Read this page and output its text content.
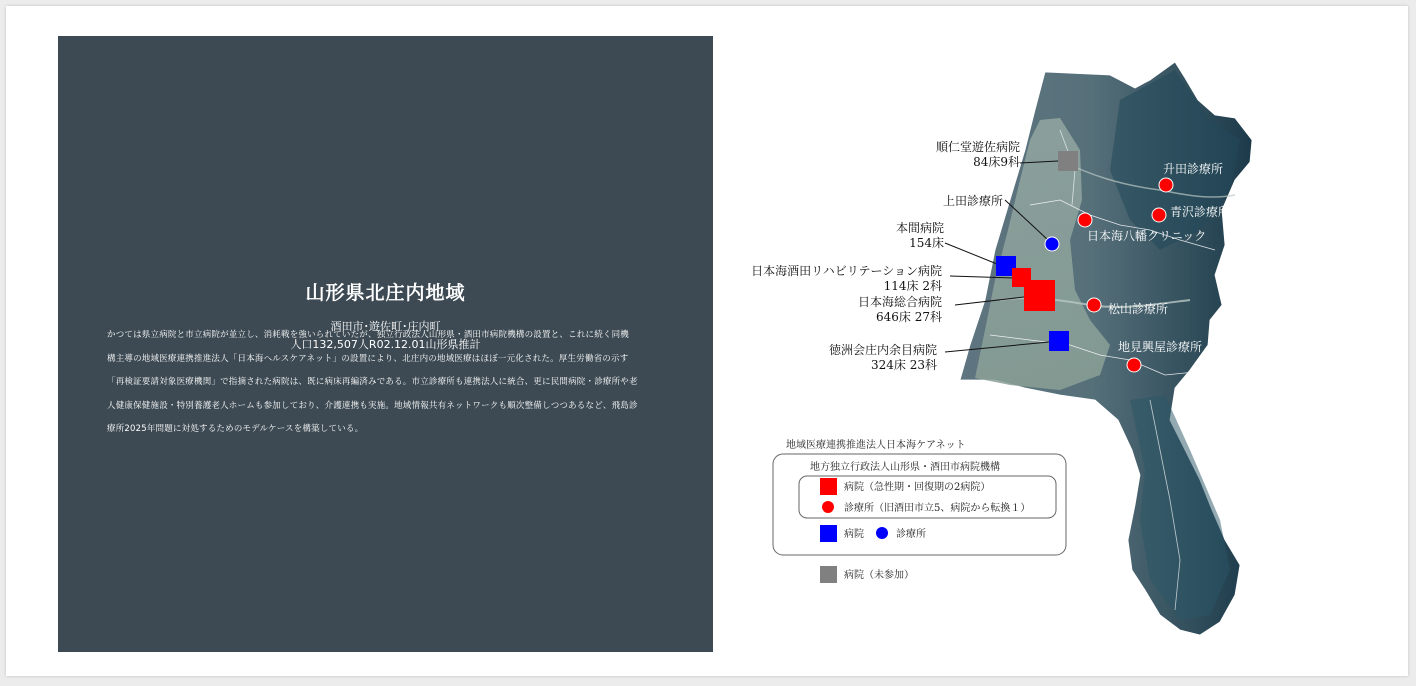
山形県北庄内地域
酒田市･遊佐町･庄内町
人口132,507人R02.12.01山形県推計
かつては県立病院と市立病院が並立し、消耗戦を強いられていたが、独立行政法人山形県・酒田市病院機構の設置と、これに続く同機
構主導の地域医療連携推進法人「日本海ヘルスケアネット」の設置により、北庄内の地域医療はほぼ一元化された。厚生労働省の示す
「再検証要請対象医療機関」で指摘された病院は、既に病床再編済みである。市立診療所も連携法人に統合、更に民間病院・診療所や老
人健康保健施設・特別養護老人ホームも参加しており、介護連携も実施。地域情報共有ネットワークも順次整備しつつあるなど、飛島診
療所2025年問題に対処するためのモデルケースを構築している。
順仁堂遊佐病院
84床9科
上田診療所
本間病院
154床
日本海酒田リハビリテーション病院
114床 2科
日本海総合病院
646床 27科
徳洲会庄内余目病院
324床 23科
升田診療所
青沢診療所
日本海八幡クリニック
松山診療所
地見興屋診療所
地域医療連携推進法人日本海ケアネット
地方独立行政法人山形県・酒田市病院機構
病院（急性期・回復期の2病院）
診療所（旧酒田市立5、病院から転換１）
病院	診療所
病院（未参加）
